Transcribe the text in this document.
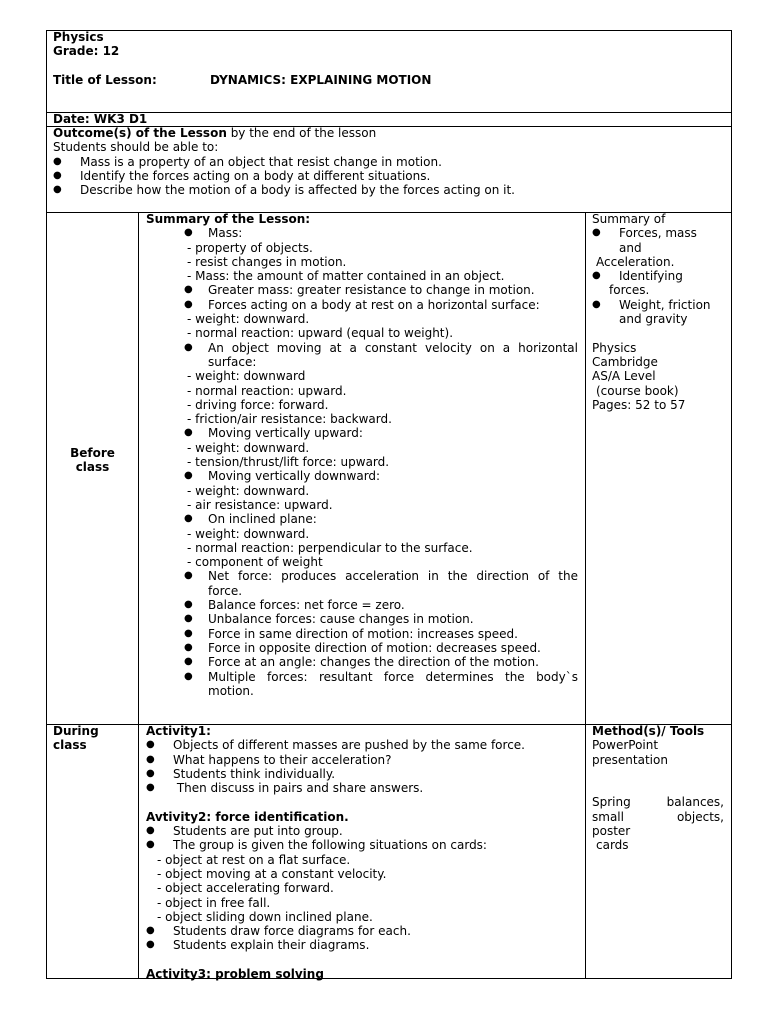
Physics
Grade: 12
Title of Lesson:	DYNAMICS: EXPLAINING MOTION
Date: WK3 D1
Outcome(s) of the Lesson by the end of the lesson
Students should be able to:
● Mass is a property of an object that resist change in motion.
● Identify the forces acting on a body at different situations.
● Describe how the motion of a body is affected by the forces acting on it.
Before
class
Summary of the Lesson:
● Mass:
- property of objects.
- resist changes in motion.
- Mass: the amount of matter contained in an object.
● Greater mass: greater resistance to change in motion.
● Forces acting on a body at rest on a horizontal surface:
- weight: downward.
- normal reaction: upward (equal to weight).
● An object moving at a constant velocity on a horizontal
surface:
- weight: downward
- normal reaction: upward.
- driving force: forward.
- friction/air resistance: backward.
● Moving vertically upward:
- weight: downward.
- tension/thrust/lift force: upward.
● Moving vertically downward:
- weight: downward.
- air resistance: upward.
● On inclined plane:
- weight: downward.
- normal reaction: perpendicular to the surface.
- component of weight
● Net force: produces acceleration in the direction of the
force.
● Balance forces: net force = zero.
● Unbalance forces: cause changes in motion.
● Force in same direction of motion: increases speed.
● Force in opposite direction of motion: decreases speed.
● Force at an angle: changes the direction of the motion.
● Multiple forces: resultant force determines the body`s
motion.
Summary of
● Forces, mass
and
Acceleration.
● Identifying
forces.
● Weight, friction
and gravity
Physics
Cambridge
AS/A Level
(course book)
Pages: 52 to 57
During
class
Activity1:
● Objects of different masses are pushed by the same force.
● What happens to their acceleration?
● Students think individually.
●  Then discuss in pairs and share answers.
Avtivity2: force identification.
● Students are put into group.
● The group is given the following situations on cards:
- object at rest on a flat surface.
- object moving at a constant velocity.
- object accelerating forward.
- object in free fall.
- object sliding down inclined plane.
● Students draw force diagrams for each.
● Students explain their diagrams.
Activity3: problem solving
Method(s)/ Tools
PowerPoint
presentation
Spring balances,
small objects,
poster
cards
